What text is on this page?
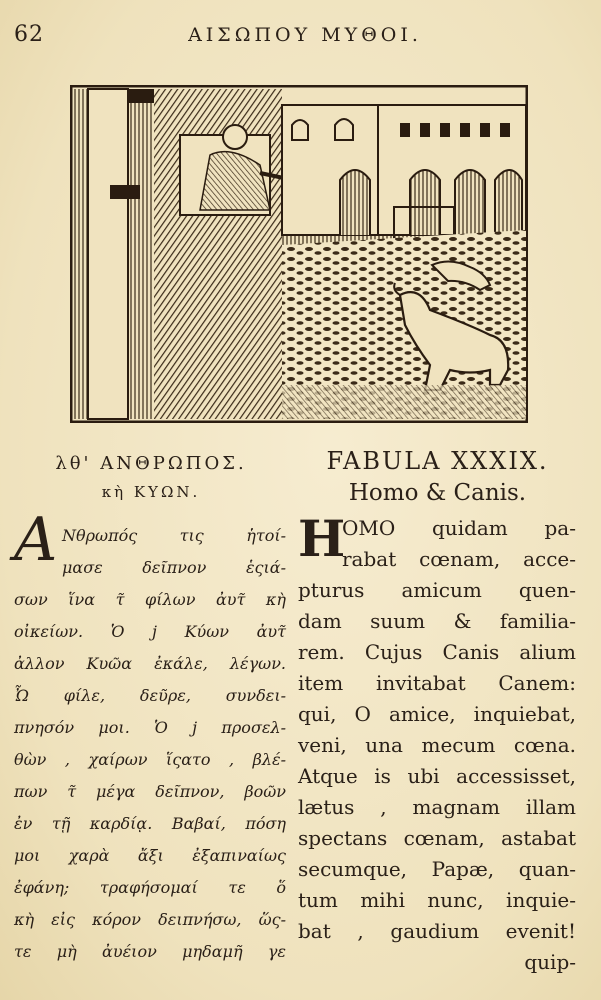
62	ΑΙΣΩΠΟΥ ΜΥΘΟΙ.
λθ' ΑΝΘΡΩΠΟΣ.
κὴ ΚΥΩΝ.
Α Νθρωπός τις ἡτοί-
μασε δεῖπνον ἑςιά-
σων ἵνα τ̃ φίλων ἀυτ̃ κὴ
οἰκείων. Ὁ ϳ Κύων ἀυτ̃
ἀλλον Κυῶα ἐκάλε, λέγων.
Ὦ φίλε, δεῦρε, συνδει-
πνησόν μοι. Ὁ ϳ προσελ-
θὼν , χαίρων ἵςατο , βλέ-
πων τ̃ μέγα δεῖπνον, βοῶν
ἐν τῇ καρδίᾳ. Βαβαί, πόση
μοι χαρὰ ἄξι ἐξαπιναίως
ἐφάνη; τραφήσομαί τε ὅ
κὴ εἰς κόρον δειπνήσω, ὥς-
τε μὴ ἀυέιον μηδαμῆ γε
FABULA XXXIX.
Homo & Canis.
H
OMO quidam pa-
rabat cœnam, acce-
pturus amicum quen-
dam suum & familia-
rem. Cujus Canis alium
item invitabat Canem:
qui, O amice, inquiebat,
veni, una mecum cœna.
Atque is ubi accessisset,
lætus , magnam illam
spectans cœnam, astabat
secumque, Papæ, quan-
tum mihi nunc, inquie-
bat , gaudium evenit!
quip-
